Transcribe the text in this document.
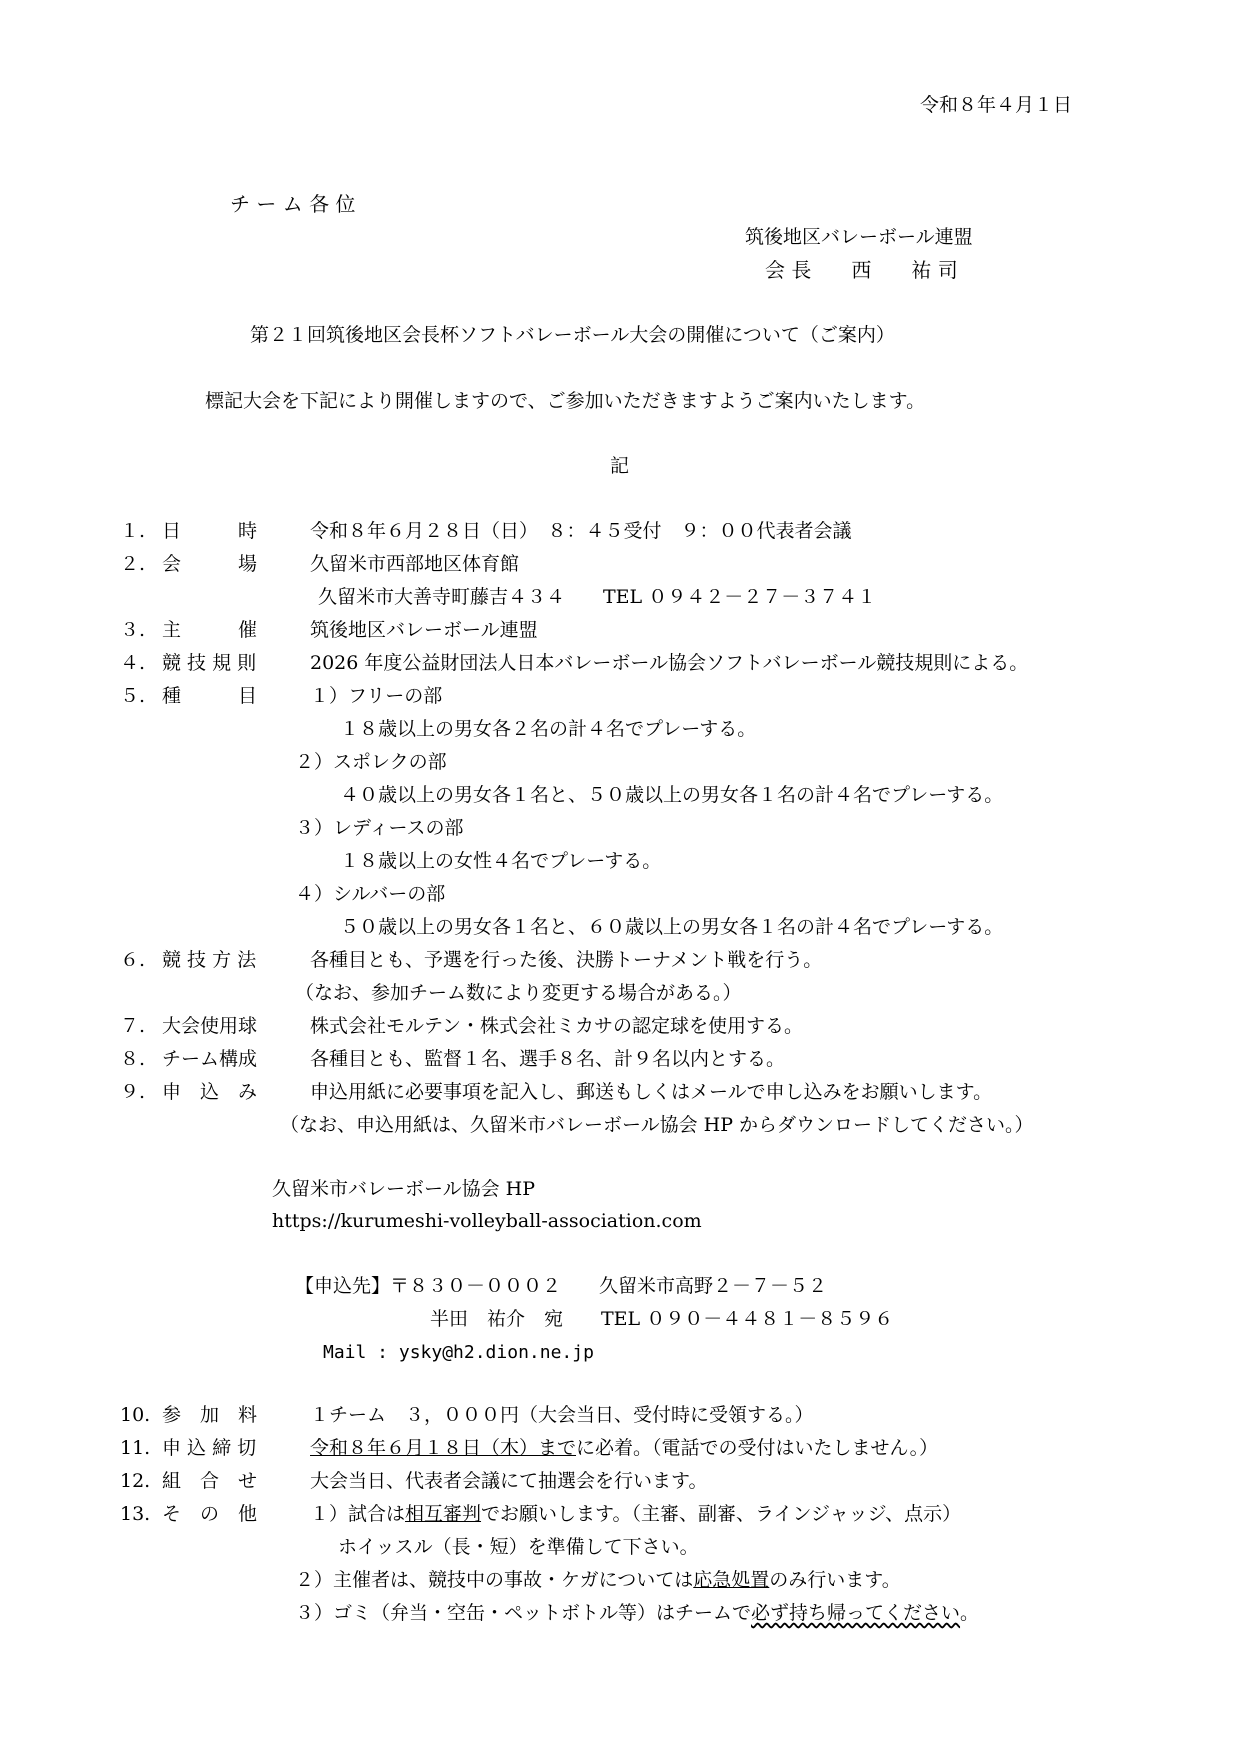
令和８年４月１日
チ ー ム 各 位
筑後地区バレーボール連盟
会 長　　西　　祐 司
第２１回筑後地区会長杯ソフトバレーボール大会の開催について（ご案内）
標記大会を下記により開催しますので、ご参加いただきますようご案内いたします。
記
１. 日　　　時	令和８年６月２８日（日）　８：４５受付　９：００代表者会議
２. 会　　　場	久留米市西部地区体育館
久留米市大善寺町藤吉４３４　　TEL ０９４２－２７－３７４１
３. 主　　　催	筑後地区バレーボール連盟
４. 競 技 規 則	2026 年度公益財団法人日本バレーボール協会ソフトバレーボール競技規則による。
５. 種　　　目	１）フリーの部
１８歳以上の男女各２名の計４名でプレーする。
２）スポレクの部
４０歳以上の男女各１名と、５０歳以上の男女各１名の計４名でプレーする。
３）レディースの部
１８歳以上の女性４名でプレーする。
４）シルバーの部
５０歳以上の男女各１名と、６０歳以上の男女各１名の計４名でプレーする。
６. 競 技 方 法	各種目とも、予選を行った後、決勝トーナメント戦を行う。
（なお、参加チーム数により変更する場合がある。）
７. 大会使用球	株式会社モルテン・株式会社ミカサの認定球を使用する。
８. チーム構成	各種目とも、監督１名、選手８名、計９名以内とする。
９. 申　込　み	申込用紙に必要事項を記入し、郵送もしくはメールで申し込みをお願いします。
（なお、申込用紙は、久留米市バレーボール協会 HP からダウンロードしてください。）
久留米市バレーボール協会 HP
https://kurumeshi-volleyball-association.com
【申込先】〒８３０－０００２　　久留米市高野２－７－５２
半田　祐介　宛　　TEL ０９０－４４８１－８５９６
Mail : ysky@h2.dion.ne.jp
10. 参　加　料	１チーム　３，０００円（大会当日、受付時に受領する。）
11. 申 込 締 切	令和８年６月１８日（木）までに必着。（電話での受付はいたしません。）
12. 組　合　せ	大会当日、代表者会議にて抽選会を行います。
13. そ　の　他	１）試合は相互審判でお願いします。（主審、副審、ラインジャッジ、点示）
ホイッスル（長・短）を準備して下さい。
２）主催者は、競技中の事故・ケガについては応急処置のみ行います。
３）ゴミ（弁当・空缶・ペットボトル等）はチームで必ず持ち帰ってください。
